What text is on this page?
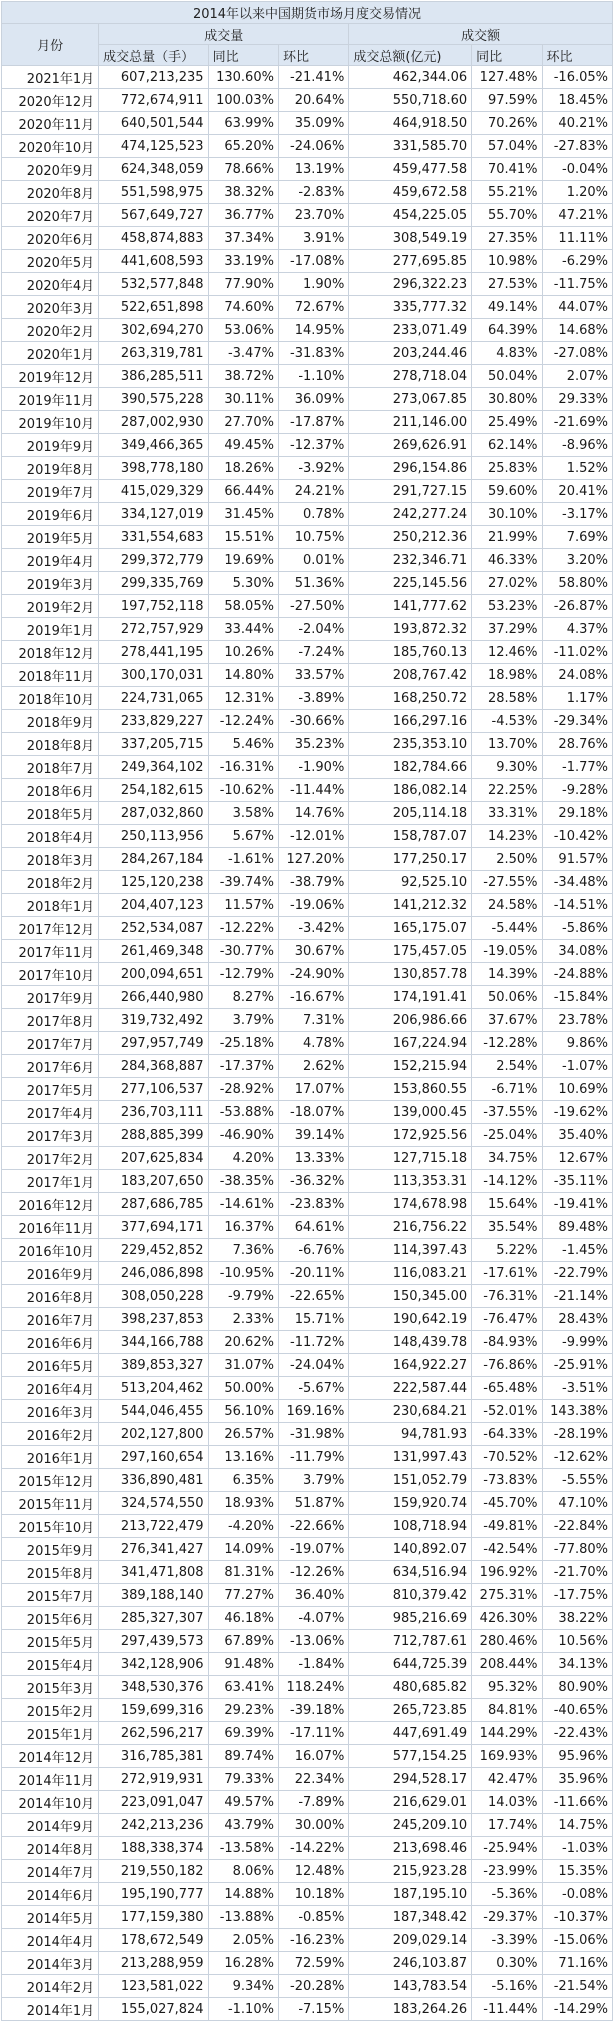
2014年以来中国期货市场月度交易情况						
月份	成交量			成交额		
	成交总量（手）	同比	环比	成交总额(亿元)	同比	环比
2021年1月	607,213,235	130.60%	-21.41%	462,344.06	127.48%	-16.05%
2020年12月	772,674,911	100.03%	20.64%	550,718.60	97.59%	18.45%
2020年11月	640,501,544	63.99%	35.09%	464,918.50	70.26%	40.21%
2020年10月	474,125,523	65.20%	-24.06%	331,585.70	57.04%	-27.83%
2020年9月	624,348,059	78.66%	13.19%	459,477.58	70.41%	-0.04%
2020年8月	551,598,975	38.32%	-2.83%	459,672.58	55.21%	1.20%
2020年7月	567,649,727	36.77%	23.70%	454,225.05	55.70%	47.21%
2020年6月	458,874,883	37.34%	3.91%	308,549.19	27.35%	11.11%
2020年5月	441,608,593	33.19%	-17.08%	277,695.85	10.98%	-6.29%
2020年4月	532,577,848	77.90%	1.90%	296,322.23	27.53%	-11.75%
2020年3月	522,651,898	74.60%	72.67%	335,777.32	49.14%	44.07%
2020年2月	302,694,270	53.06%	14.95%	233,071.49	64.39%	14.68%
2020年1月	263,319,781	-3.47%	-31.83%	203,244.46	4.83%	-27.08%
2019年12月	386,285,511	38.72%	-1.10%	278,718.04	50.04%	2.07%
2019年11月	390,575,228	30.11%	36.09%	273,067.85	30.80%	29.33%
2019年10月	287,002,930	27.70%	-17.87%	211,146.00	25.49%	-21.69%
2019年9月	349,466,365	49.45%	-12.37%	269,626.91	62.14%	-8.96%
2019年8月	398,778,180	18.26%	-3.92%	296,154.86	25.83%	1.52%
2019年7月	415,029,329	66.44%	24.21%	291,727.15	59.60%	20.41%
2019年6月	334,127,019	31.45%	0.78%	242,277.24	30.10%	-3.17%
2019年5月	331,554,683	15.51%	10.75%	250,212.36	21.99%	7.69%
2019年4月	299,372,779	19.69%	0.01%	232,346.71	46.33%	3.20%
2019年3月	299,335,769	5.30%	51.36%	225,145.56	27.02%	58.80%
2019年2月	197,752,118	58.05%	-27.50%	141,777.62	53.23%	-26.87%
2019年1月	272,757,929	33.44%	-2.04%	193,872.32	37.29%	4.37%
2018年12月	278,441,195	10.26%	-7.24%	185,760.13	12.46%	-11.02%
2018年11月	300,170,031	14.80%	33.57%	208,767.42	18.98%	24.08%
2018年10月	224,731,065	12.31%	-3.89%	168,250.72	28.58%	1.17%
2018年9月	233,829,227	-12.24%	-30.66%	166,297.16	-4.53%	-29.34%
2018年8月	337,205,715	5.46%	35.23%	235,353.10	13.70%	28.76%
2018年7月	249,364,102	-16.31%	-1.90%	182,784.66	9.30%	-1.77%
2018年6月	254,182,615	-10.62%	-11.44%	186,082.14	22.25%	-9.28%
2018年5月	287,032,860	3.58%	14.76%	205,114.18	33.31%	29.18%
2018年4月	250,113,956	5.67%	-12.01%	158,787.07	14.23%	-10.42%
2018年3月	284,267,184	-1.61%	127.20%	177,250.17	2.50%	91.57%
2018年2月	125,120,238	-39.74%	-38.79%	92,525.10	-27.55%	-34.48%
2018年1月	204,407,123	11.57%	-19.06%	141,212.32	24.58%	-14.51%
2017年12月	252,534,087	-12.22%	-3.42%	165,175.07	-5.44%	-5.86%
2017年11月	261,469,348	-30.77%	30.67%	175,457.05	-19.05%	34.08%
2017年10月	200,094,651	-12.79%	-24.90%	130,857.78	14.39%	-24.88%
2017年9月	266,440,980	8.27%	-16.67%	174,191.41	50.06%	-15.84%
2017年8月	319,732,492	3.79%	7.31%	206,986.66	37.67%	23.78%
2017年7月	297,957,749	-25.18%	4.78%	167,224.94	-12.28%	9.86%
2017年6月	284,368,887	-17.37%	2.62%	152,215.94	2.54%	-1.07%
2017年5月	277,106,537	-28.92%	17.07%	153,860.55	-6.71%	10.69%
2017年4月	236,703,111	-53.88%	-18.07%	139,000.45	-37.55%	-19.62%
2017年3月	288,885,399	-46.90%	39.14%	172,925.56	-25.04%	35.40%
2017年2月	207,625,834	4.20%	13.33%	127,715.18	34.75%	12.67%
2017年1月	183,207,650	-38.35%	-36.32%	113,353.31	-14.12%	-35.11%
2016年12月	287,686,785	-14.61%	-23.83%	174,678.98	15.64%	-19.41%
2016年11月	377,694,171	16.37%	64.61%	216,756.22	35.54%	89.48%
2016年10月	229,452,852	7.36%	-6.76%	114,397.43	5.22%	-1.45%
2016年9月	246,086,898	-10.95%	-20.11%	116,083.21	-17.61%	-22.79%
2016年8月	308,050,228	-9.79%	-22.65%	150,345.00	-76.31%	-21.14%
2016年7月	398,237,853	2.33%	15.71%	190,642.19	-76.47%	28.43%
2016年6月	344,166,788	20.62%	-11.72%	148,439.78	-84.93%	-9.99%
2016年5月	389,853,327	31.07%	-24.04%	164,922.27	-76.86%	-25.91%
2016年4月	513,204,462	50.00%	-5.67%	222,587.44	-65.48%	-3.51%
2016年3月	544,046,455	56.10%	169.16%	230,684.21	-52.01%	143.38%
2016年2月	202,127,800	26.57%	-31.98%	94,781.93	-64.33%	-28.19%
2016年1月	297,160,654	13.16%	-11.79%	131,997.43	-70.52%	-12.62%
2015年12月	336,890,481	6.35%	3.79%	151,052.79	-73.83%	-5.55%
2015年11月	324,574,550	18.93%	51.87%	159,920.74	-45.70%	47.10%
2015年10月	213,722,479	-4.20%	-22.66%	108,718.94	-49.81%	-22.84%
2015年9月	276,341,427	14.09%	-19.07%	140,892.07	-42.54%	-77.80%
2015年8月	341,471,808	81.31%	-12.26%	634,516.94	196.92%	-21.70%
2015年7月	389,188,140	77.27%	36.40%	810,379.42	275.31%	-17.75%
2015年6月	285,327,307	46.18%	-4.07%	985,216.69	426.30%	38.22%
2015年5月	297,439,573	67.89%	-13.06%	712,787.61	280.46%	10.56%
2015年4月	342,128,906	91.48%	-1.84%	644,725.39	208.44%	34.13%
2015年3月	348,530,376	63.41%	118.24%	480,685.82	95.32%	80.90%
2015年2月	159,699,316	29.23%	-39.18%	265,723.85	84.81%	-40.65%
2015年1月	262,596,217	69.39%	-17.11%	447,691.49	144.29%	-22.43%
2014年12月	316,785,381	89.74%	16.07%	577,154.25	169.93%	95.96%
2014年11月	272,919,931	79.33%	22.34%	294,528.17	42.47%	35.96%
2014年10月	223,091,047	49.57%	-7.89%	216,629.01	14.03%	-11.66%
2014年9月	242,213,236	43.79%	30.00%	245,209.10	17.74%	14.75%
2014年8月	188,338,374	-13.58%	-14.22%	213,698.46	-25.94%	-1.03%
2014年7月	219,550,182	8.06%	12.48%	215,923.28	-23.99%	15.35%
2014年6月	195,190,777	14.88%	10.18%	187,195.10	-5.36%	-0.08%
2014年5月	177,159,380	-13.88%	-0.85%	187,348.42	-29.37%	-10.37%
2014年4月	178,672,549	2.05%	-16.23%	209,029.14	-3.39%	-15.06%
2014年3月	213,288,959	16.28%	72.59%	246,103.87	0.30%	71.16%
2014年2月	123,581,022	9.34%	-20.28%	143,783.54	-5.16%	-21.54%
2014年1月	155,027,824	-1.10%	-7.15%	183,264.26	-11.44%	-14.29%
